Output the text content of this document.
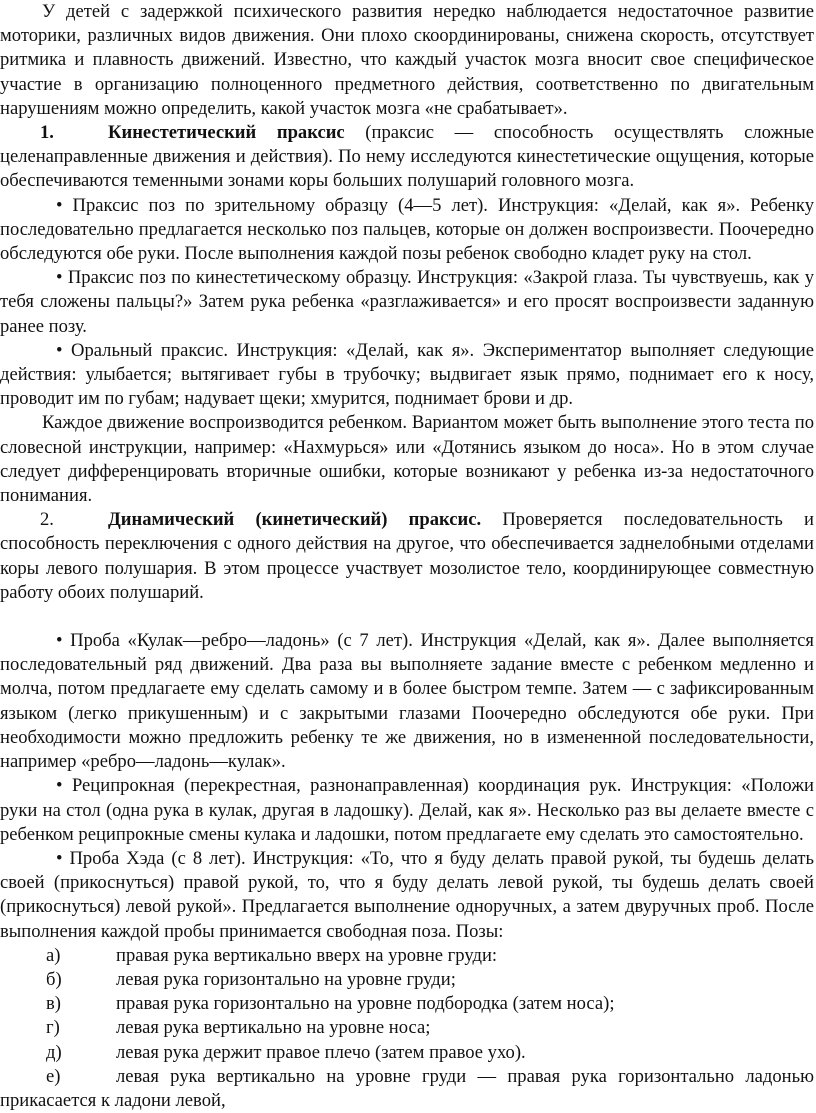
У детей с задержкой психического развития нередко наблюдается недостаточное развитие моторики, различных видов движения. Они плохо скоординированы, снижена скорость, отсутствует ритмика и плавность движений. Известно, что каждый участок мозга вносит свое специфическое участие в организацию полноценного предметного действия, соответственно по двигательным нарушениям можно определить, какой участок мозга «не срабатывает».

1.	Кинестетический праксис (праксис — способность осуществлять сложные целенаправленные движения и действия). По нему исследуются кинестетические ощущения, которые обеспечиваются теменными зонами коры больших полушарий головного мозга.

• Праксис поз по зрительному образцу (4—5 лет). Инструкция: «Делай, как я». Ребенку последовательно предлагается несколько поз пальцев, которые он должен воспроизвести. Поочередно обследуются обе руки. После выполнения каждой позы ребенок свободно кладет руку на стол.

• Праксис поз по кинестетическому образцу. Инструкция: «Закрой глаза. Ты чувствуешь, как у тебя сложены пальцы?» Затем рука ребенка «разглаживается» и его просят воспроизвести заданную ранее позу.

• Оральный праксис. Инструкция: «Делай, как я». Экспериментатор выполняет следующие действия: улыбается; вытягивает губы в трубочку; выдвигает язык прямо, поднимает его к носу, проводит им по губам; надувает щеки; хмурится, поднимает брови и др.

Каждое движение воспроизводится ребенком. Вариантом может быть выполнение этого теста по словесной инструкции, например: «Нахмурься» или «Дотянись языком до носа». Но в этом случае следует дифференцировать вторичные ошибки, которые возникают у ребенка из-за недостаточного понимания.

2.	Динамический (кинетический) праксис. Проверяется последовательность и способность переключения с одного действия на другое, что обеспечивается заднелобными отделами коры левого полушария. В этом процессе участвует мозолистое тело, координирующее совместную работу обоих полушарий.

• Проба «Кулак—ребро—ладонь» (с 7 лет). Инструкция «Делай, как я». Далее выполняется последовательный ряд движений. Два раза вы выполняете задание вместе с ребенком медленно и молча, потом предлагаете ему сделать самому и в более быстром темпе. Затем — с зафиксированным языком (легко прикушенным) и с закрытыми глазами Поочередно обследуются обе руки. При необходимости можно предложить ребенку те же движения, но в измененной последовательности, например «ребро—ладонь—кулак».

• Реципрокная (перекрестная, разнонаправленная) координация рук. Инструкция: «Положи руки на стол (одна рука в кулак, другая в ладошку). Делай, как я». Несколько раз вы делаете вместе с ребенком реципрокные смены кулака и ладошки, потом предлагаете ему сделать это самостоятельно.

• Проба Хэда (с 8 лет). Инструкция: «То, что я буду делать правой рукой, ты будешь делать своей (прикоснуться) правой рукой, то, что я буду делать левой рукой, ты будешь делать своей (прикоснуться) левой рукой». Предлагается выполнение одноручных, а затем двуручных проб. После выполнения каждой пробы принимается свободная поза. Позы:

а)	правая рука вертикально вверх на уровне груди:
б)	левая рука горизонтально на уровне груди;
в)	правая рука горизонтально на уровне подбородка (затем носа);
г)	левая рука вертикально на уровне носа;
д)	левая рука держит правое плечо (затем правое ухо).

е)	левая рука вертикально на уровне груди — правая рука горизонтально ладонью прикасается к ладони левой,
